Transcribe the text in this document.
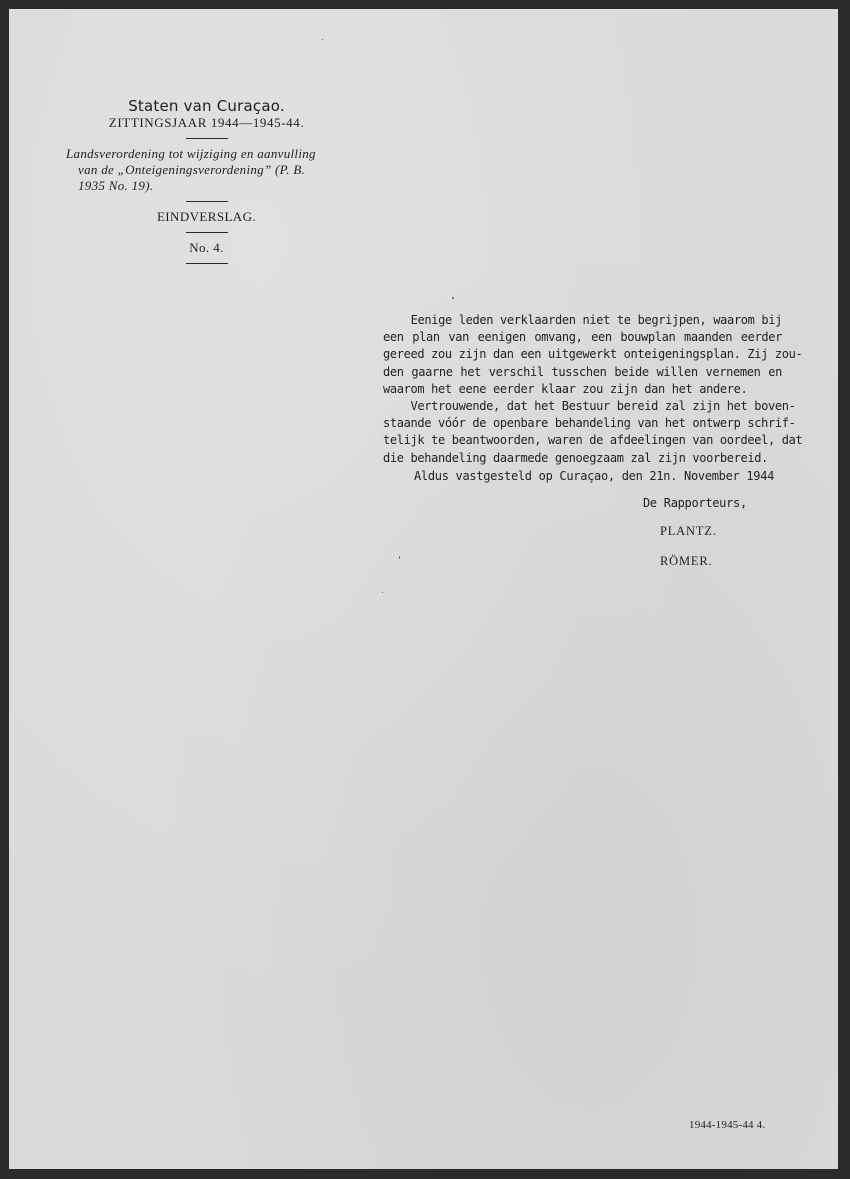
Staten van Curaçao.
ZITTINGSJAAR 1944—1945-44.
Landsverordening tot wijziging en aanvulling
van de „Onteigeningsverordening” (P. B.
1935 No. 19).
EINDVERSLAG.
No. 4.
Eenige leden verklaarden niet te begrijpen, waarom bij
een plan van eenigen omvang, een bouwplan maanden eerder
gereed zou zijn dan een uitgewerkt onteigeningsplan. Zij zou-
den gaarne het verschil tusschen beide willen vernemen en
waarom het eene eerder klaar zou zijn dan het andere.
Vertrouwende, dat het Bestuur bereid zal zijn het boven-
staande vóór de openbare behandeling van het ontwerp schrif-
telijk te beantwoorden, waren de afdeelingen van oordeel, dat
die behandeling daarmede genoegzaam zal zijn voorbereid.
Aldus vastgesteld op Curaçao, den 21n. November 1944
De Rapporteurs,
PLANTZ.
RÖMER.
1944-1945-44 4.
